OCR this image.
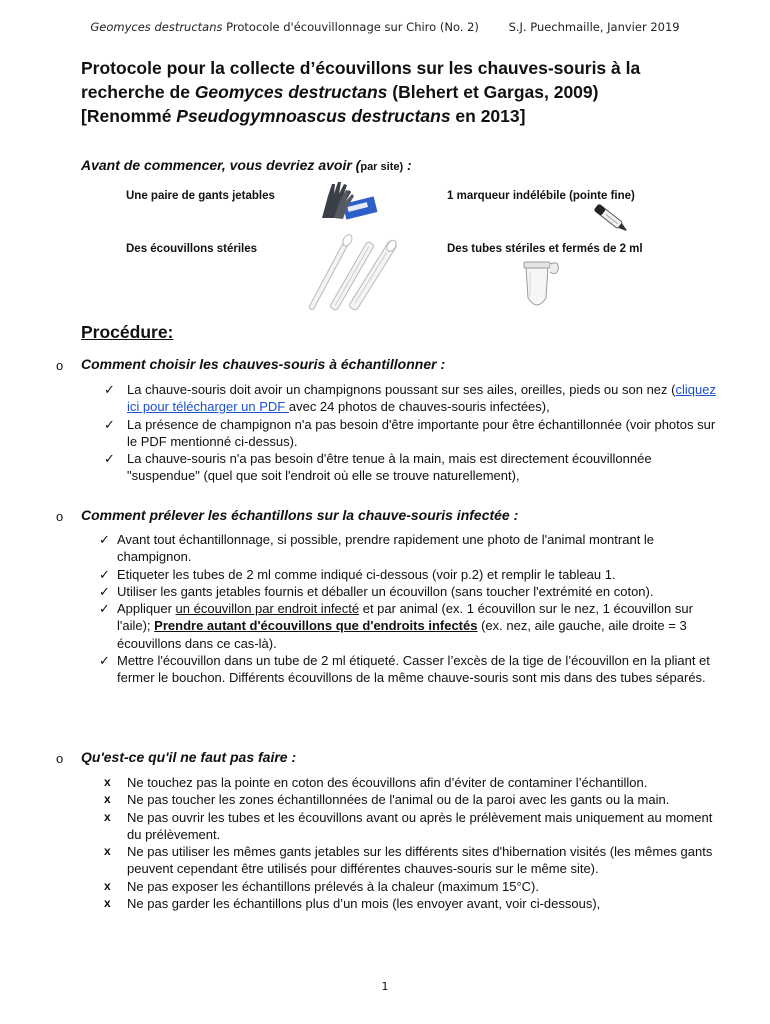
Geomyces destructans Protocole d'écouvillonnage sur Chiro (No. 2)	S.J. Puechmaille, Janvier 2019
Protocole pour la collecte d’écouvillons sur les chauves-souris à la
recherche de Geomyces destructans (Blehert et Gargas, 2009)
[Renommé Pseudogymnoascus destructans en 2013]
Avant de commencer, vous devriez avoir (par site) :
Une paire de gants jetables	1 marqueur indélébile (pointe fine)
Des écouvillons stériles	Des tubes stériles et fermés de 2 ml
Procédure:
o Comment choisir les chauves-souris à échantillonner :
✓ La chauve-souris doit avoir un champignons poussant sur ses ailes, oreilles, pieds ou son nez (cliquez ici pour télécharger un PDF avec 24 photos de chauves-souris infectées),
✓ La présence de champignon n'a pas besoin d'être importante pour être échantillonnée (voir photos sur le PDF mentionné ci-dessus).
✓ La chauve-souris n'a pas besoin d'être tenue à la main, mais est directement écouvillonnée "suspendue" (quel que soit l'endroit où elle se trouve naturellement),
o Comment prélever les échantillons sur la chauve-souris infectée :
✓ Avant tout échantillonnage, si possible, prendre rapidement une photo de l'animal montrant le champignon.
✓ Etiqueter les tubes de 2 ml comme indiqué ci-dessous (voir p.2) et remplir le tableau 1.
✓ Utiliser les gants jetables fournis et déballer un écouvillon (sans toucher l'extrémité en coton).
✓ Appliquer un écouvillon par endroit infecté et par animal (ex. 1 écouvillon sur le nez, 1 écouvillon sur l'aile); Prendre autant d'écouvillons que d'endroits infectés (ex. nez, aile gauche, aile droite = 3 écouvillons dans ce cas-là).
✓ Mettre l'écouvillon dans un tube de 2 ml étiqueté. Casser l’excès de la tige de l’écouvillon en la pliant et fermer le bouchon. Différents écouvillons de la même chauve-souris sont mis dans des tubes séparés.
o Qu'est-ce qu'il ne faut pas faire :
x Ne touchez pas la pointe en coton des écouvillons afin d’éviter de contaminer l’échantillon.
x Ne pas toucher les zones échantillonnées de l'animal ou de la paroi avec les gants ou la main.
x Ne pas ouvrir les tubes et les écouvillons avant ou après le prélèvement mais uniquement au moment du prélèvement.
x Ne pas utiliser les mêmes gants jetables sur les différents sites d'hibernation visités (les mêmes gants peuvent cependant être utilisés pour différentes chauves-souris sur le même site).
x Ne pas exposer les échantillons prélevés à la chaleur (maximum 15°C).
x Ne pas garder les échantillons plus d’un mois (les envoyer avant, voir ci-dessous),
1
